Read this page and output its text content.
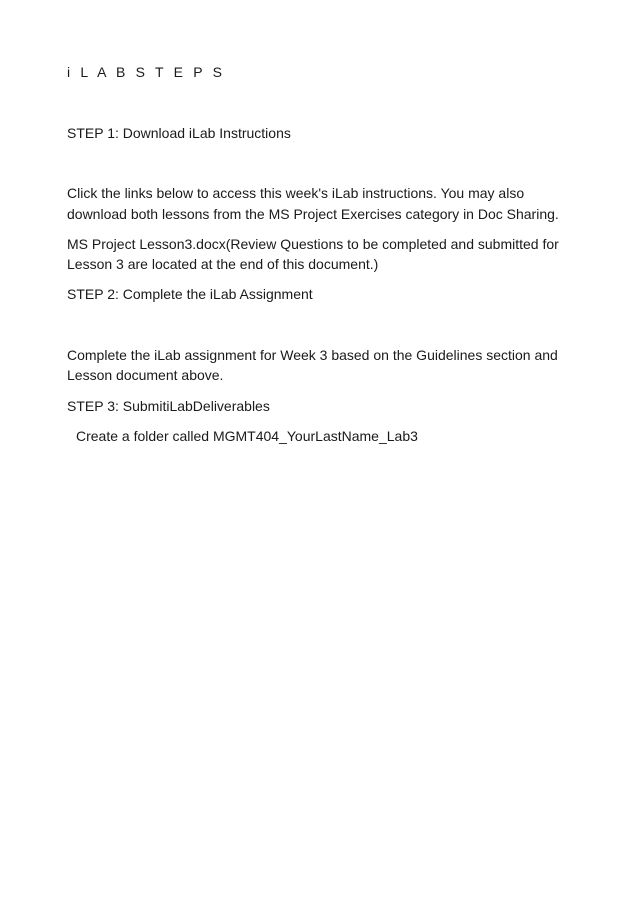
i L A B S T E P S

STEP 1: Download iLab Instructions

Click the links below to access this week's iLab instructions. You may also

download both lessons from the MS Project Exercises category in Doc Sharing.

MS Project Lesson3.docx(Review Questions to be completed and submitted for

Lesson 3 are located at the end of this document.)

STEP 2: Complete the iLab Assignment

Complete the iLab assignment for Week 3 based on the Guidelines section and

Lesson document above.

STEP 3: SubmitiLabDeliverables

Create a folder called MGMT404_YourLastName_Lab3
